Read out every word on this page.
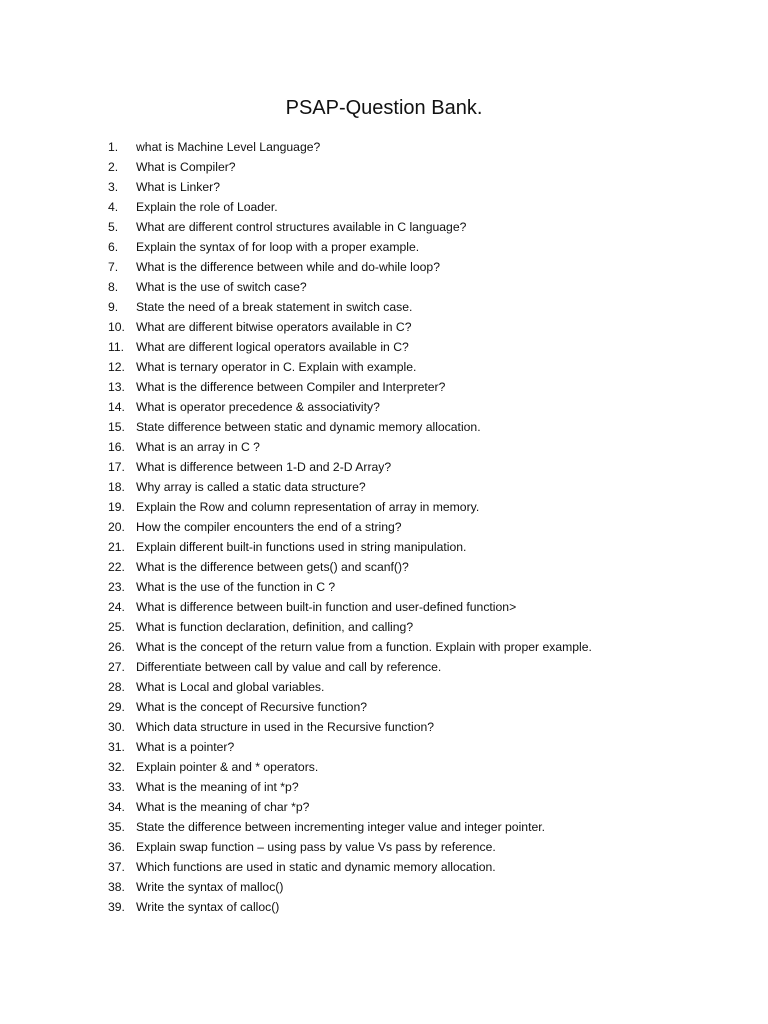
PSAP-Question Bank.
1.	what is Machine Level Language?
2.	What is Compiler?
3.	What is Linker?
4.	Explain the role of Loader.
5.	What are different control structures available in C language?
6.	Explain the syntax of for loop with a proper example.
7.	What is the difference between while and do-while loop?
8.	What is the use of switch case?
9.	State the need of a break statement in switch case.
10. What are different bitwise operators available in C?
11. What are different logical operators available in C?
12. What is ternary operator in C. Explain with example.
13. What is the difference between Compiler and Interpreter?
14. What is operator precedence & associativity?
15. State difference between static and dynamic memory allocation.
16. What is an array in C ?
17. What is difference between 1-D and 2-D Array?
18. Why array is called a static data structure?
19. Explain the Row and column representation of array in memory.
20. How the compiler encounters the end of a string?
21. Explain different built-in functions used in string manipulation.
22. What is the difference between gets() and scanf()?
23. What is the use of the function in C ?
24. What is difference between built-in function and user-defined function>
25. What is function declaration, definition, and calling?
26. What is the concept of the return value from a function. Explain with proper example.
27. Differentiate between call by value and call by reference.
28. What is Local and global variables.
29. What is the concept of Recursive function?
30. Which data structure in used in the Recursive function?
31. What is a pointer?
32. Explain pointer & and * operators.
33. What is the meaning of int *p?
34. What is the meaning of char *p?
35. State the difference between incrementing integer value and integer pointer.
36. Explain swap function – using pass by value Vs pass by reference.
37. Which functions are used in static and dynamic memory allocation.
38. Write the syntax of malloc()
39. Write the syntax of calloc()
